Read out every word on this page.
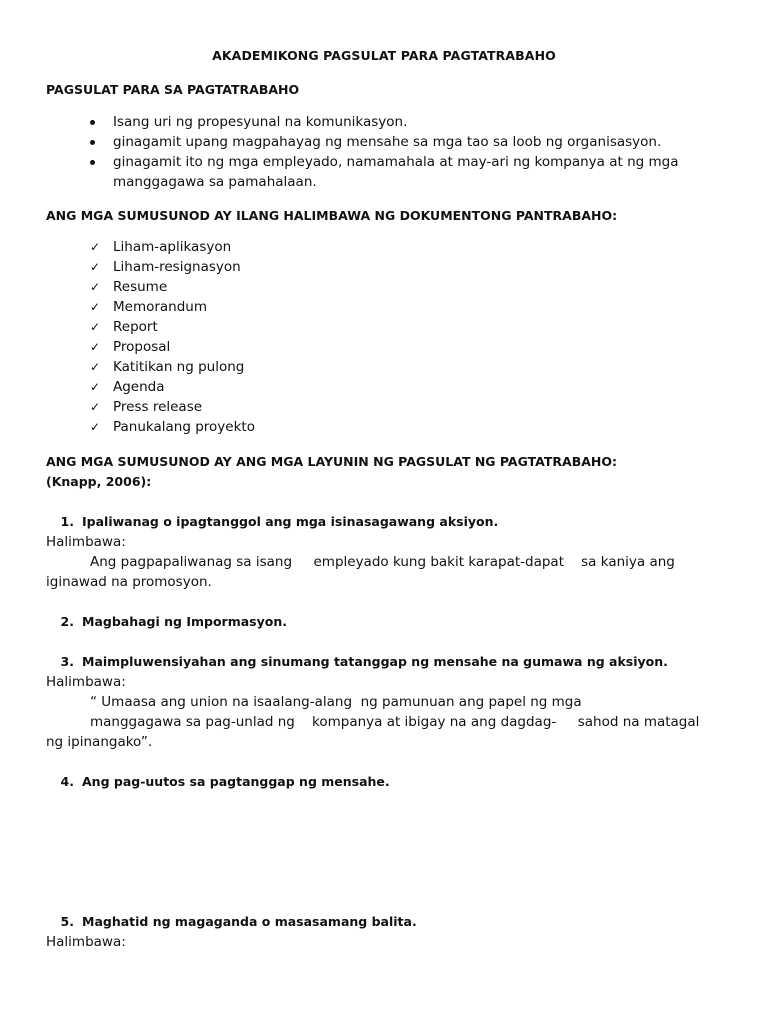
AKADEMIKONG PAGSULAT PARA PAGTATRABAHO
PAGSULAT PARA SA PAGTATRABAHO
Isang uri ng propesyunal na komunikasyon.
ginagamit upang magpahayag ng mensahe sa mga tao sa loob ng organisasyon.
ginagamit ito ng mga empleyado, namamahala at may-ari ng kompanya at ng mga manggagawa sa pamahalaan.
ANG MGA SUMUSUNOD AY ILANG HALIMBAWA NG DOKUMENTONG PANTRABAHO:
✓ Liham-aplikasyon
✓ Liham-resignasyon
✓ Resume
✓ Memorandum
✓ Report
✓ Proposal
✓ Katitikan ng pulong
✓ Agenda
✓ Press release
✓ Panukalang proyekto
ANG MGA SUMUSUNOD AY ANG MGA LAYUNIN NG PAGSULAT NG PAGTATRABAHO:
(Knapp, 2006):
1. Ipaliwanag o ipagtanggol ang mga isinasagawang aksiyon.
Halimbawa:
Ang pagpapaliwanag sa isang     empleyado kung bakit karapat-dapat    sa kaniya ang
iginawad na promosyon.
2. Magbahagi ng Impormasyon.
3. Maimpluwensiyahan ang sinumang tatanggap ng mensahe na gumawa ng aksiyon.
Halimbawa:
“ Umaasa ang union na isaalang-alang  ng pamunuan ang papel ng mga
manggagawa sa pag-unlad ng    kompanya at ibigay na ang dagdag-     sahod na matagal
ng ipinangako”.
4. Ang pag-uutos sa pagtanggap ng mensahe.
5. Maghatid ng magaganda o masasamang balita.
Halimbawa:
